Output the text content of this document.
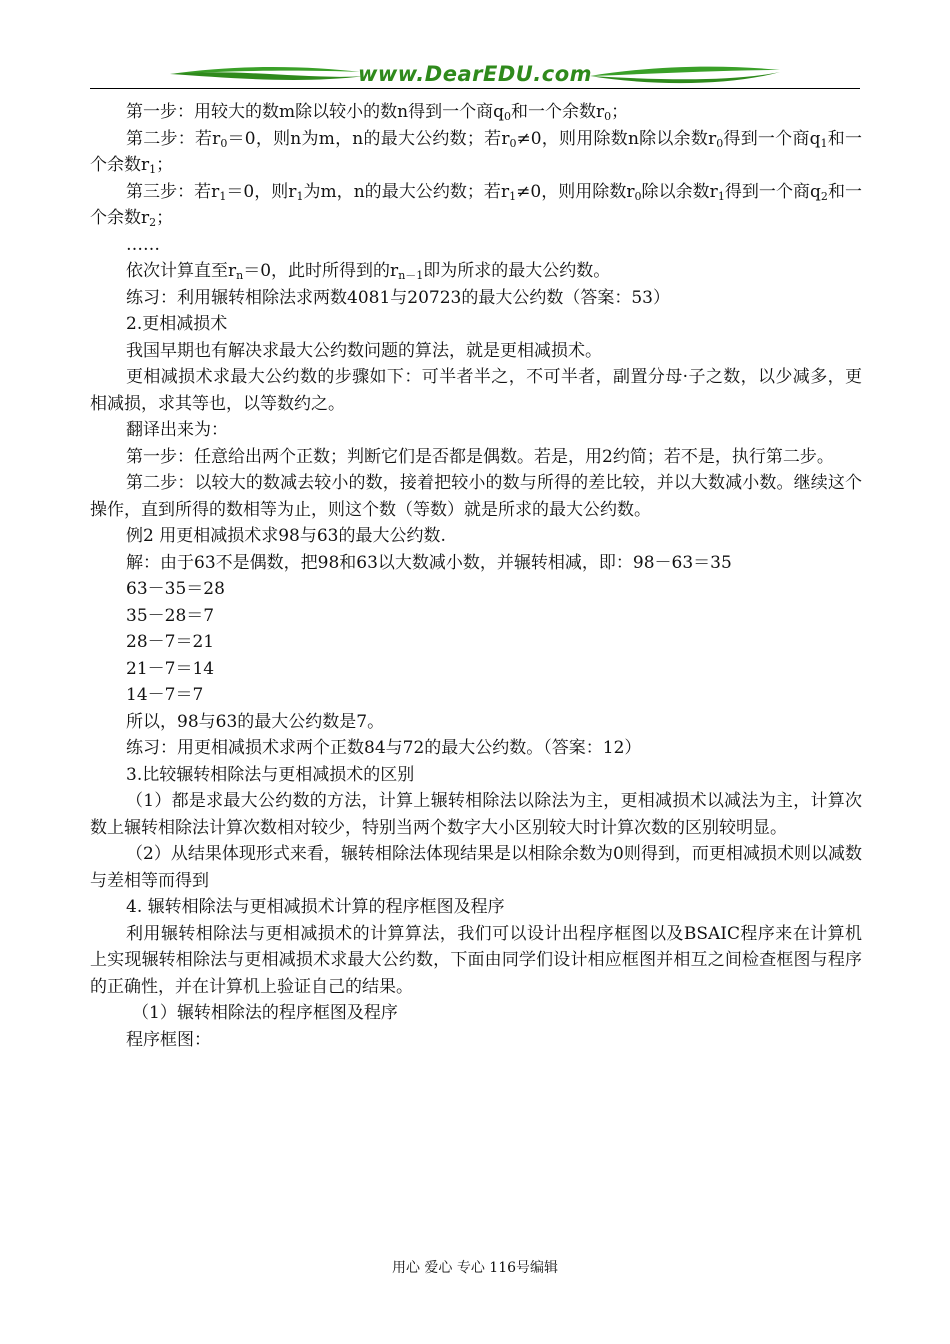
www.DearEDU.com

第一步：用较大的数m除以较小的数n得到一个商$q_0$和一个余数$r_0$；

第二步：若$r_0=0$，则n为m，n的最大公约数；若$r_0\ne 0$，则用除数n除以余数$r_0$得到一个商$q_1$和一个余数$r_1$；

第三步：若$r_1=0$，则$r_1$为m，n的最大公约数；若$r_1\ne 0$，则用除数$r_0$除以余数$r_1$得到一个商$q_2$和一个余数$r_2$；

……

依次计算直至$r_n=0$，此时所得到的$r_{n-1}$即为所求的最大公约数。

练习：利用辗转相除法求两数4081与20723的最大公约数（答案：53）

2.更相减损术

我国早期也有解决求最大公约数问题的算法，就是更相减损术。

更相减损术求最大公约数的步骤如下：可半者半之，不可半者，副置分母·子之数，以少减多，更相减损，求其等也，以等数约之。

翻译出来为：

第一步：任意给出两个正数；判断它们是否都是偶数。若是，用2约简；若不是，执行第二步。

第二步：以较大的数减去较小的数，接着把较小的数与所得的差比较，并以大数减小数。继续这个操作，直到所得的数相等为止，则这个数（等数）就是所求的最大公约数。

例2 用更相减损术求98与63的最大公约数.

解：由于63不是偶数，把98和63以大数减小数，并辗转相减，即：98－63＝35

63－35＝28

35－28＝7

28－7＝21

21－7＝14

14－7＝7

所以，98与63的最大公约数是7。

练习：用更相减损术求两个正数84与72的最大公约数。（答案：12）

3.比较辗转相除法与更相减损术的区别

（1）都是求最大公约数的方法，计算上辗转相除法以除法为主，更相减损术以减法为主，计算次数上辗转相除法计算次数相对较少，特别当两个数字大小区别较大时计算次数的区别较明显。

（2）从结果体现形式来看，辗转相除法体现结果是以相除余数为0则得到，而更相减损术则以减数与差相等而得到

4. 辗转相除法与更相减损术计算的程序框图及程序

利用辗转相除法与更相减损术的计算算法，我们可以设计出程序框图以及BSAIC程序来在计算机上实现辗转相除法与更相减损术求最大公约数，下面由同学们设计相应框图并相互之间检查框图与程序的正确性，并在计算机上验证自己的结果。

（1）辗转相除法的程序框图及程序

程序框图：

用心 爱心 专心 116号编辑
